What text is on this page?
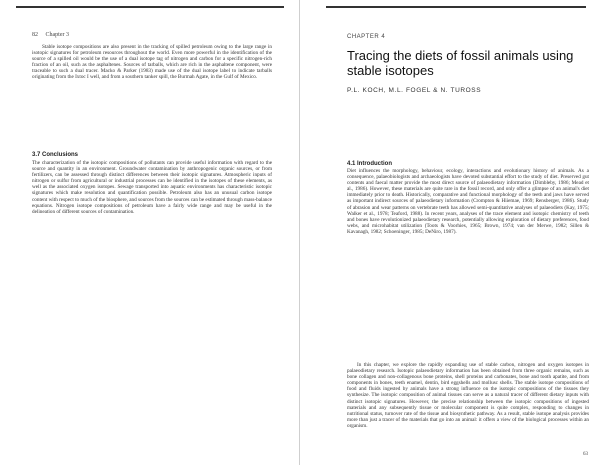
82 Chapter 3

Stable isotope compositions are also present in the tracking of spilled petroleum owing to the large range in isotopic signatures for petroleum resources throughout the world. Even more powerful in the identification of the source of a spilled oil would be the use of a dual isotope tag of nitrogen and carbon for a specific nitrogen-rich fraction of an oil, such as the asphaltenes. Sources of tarballs, which are rich in the asphaltene component, were traceable to such a dual tracer. Macko & Parker (1983) made use of the dual isotope label to indicate tarballs originating from the Ixtoc I well, and from a southern tanker spill, the Burmah Agate, in the Gulf of Mexico.

3.7 Conclusions

The characterization of the isotopic compositions of pollutants can provide useful information with regard to the source and quantity in an environment. Groundwater contamination by anthropogenic organic sources, or from fertilizers, can be assessed through distinct differences between their isotopic signatures. Atmospheric inputs of nitrogen or sulfur from agricultural or industrial processes can be identified in the isotopes of these elements, as well as the associated oxygen isotopes. Sewage transported into aquatic environments has characteristic isotopic signatures which make resolution and quantification possible. Petroleum also has an unusual carbon isotope content with respect to much of the biosphere, and sources from the sources can be estimated through mass-balance equations. Nitrogen isotope compositions of petroleum have a fairly wide range and may be useful in the delineation of different sources of contamination.

CHAPTER 4
Tracing the diets of fossil animals using stable isotopes
P.L. KOCH, M.L. FOGEL & N. TUROSS
4.1 Introduction

Diet influences the morphology, behaviour, ecology, interactions and evolutionary history of animals. As a consequence, palaeobiologists and archaeologists have devoted substantial effort to the study of diet. Preserved gut contents and faecal matter provide the most direct source of palaeodietary information (Dimbleby, 1986; Mead et al., 1986). However, these materials are quite rare in the fossil record, and only offer a glimpse of an animal's diet immediately prior to death. Historically, comparative and functional morphology of the teeth and jaws have served as important indirect sources of palaeodietary information (Crompton & Hiiemae, 1969; Rensberger, 1986). Study of abrasion and wear patterns on vertebrate teeth has allowed semi-quantitative analyses of palaeodiets (Kay, 1975; Walker et al., 1978; Teaford, 1988). In recent years, analyses of the trace element and isotopic chemistry of teeth and bones have revolutionized palaeodietary research, potentially allowing exploration of dietary preferences, food webs, and microhabitat utilization (Toots & Voorhies, 1965; Brown, 1974; van der Merwe, 1982; Sillen & Kavanagh, 1982; Schoeninger, 1985; DeNiro, 1987).

In this chapter, we explore the rapidly expanding use of stable carbon, nitrogen and oxygen isotopes in palaeodietary research. Isotopic palaeodietary information has been obtained from three organic remains, such as bone collagen and non-collagenous bone proteins, shell proteins and carbonates, bone and tooth apatite, and from components in bones, teeth enamel, dentin, bird eggshells and mollusc shells. The stable isotope compositions of food and fluids ingested by animals have a strong influence on the isotopic compositions of the tissues they synthesize. The isotopic composition of animal tissues can serve as a natural tracer of different dietary inputs with distinct isotopic signatures. However, the precise relationship between the isotopic compositions of ingested materials and any subsequently tissue or molecular component is quite complex, responding to changes in nutritional status, turnover rate of the tissue and biosynthetic pathway. As a result, stable isotope analysis provides more than just a tracer of the materials that go into an animal: it offers a view of the biological processes within an organism.

63
